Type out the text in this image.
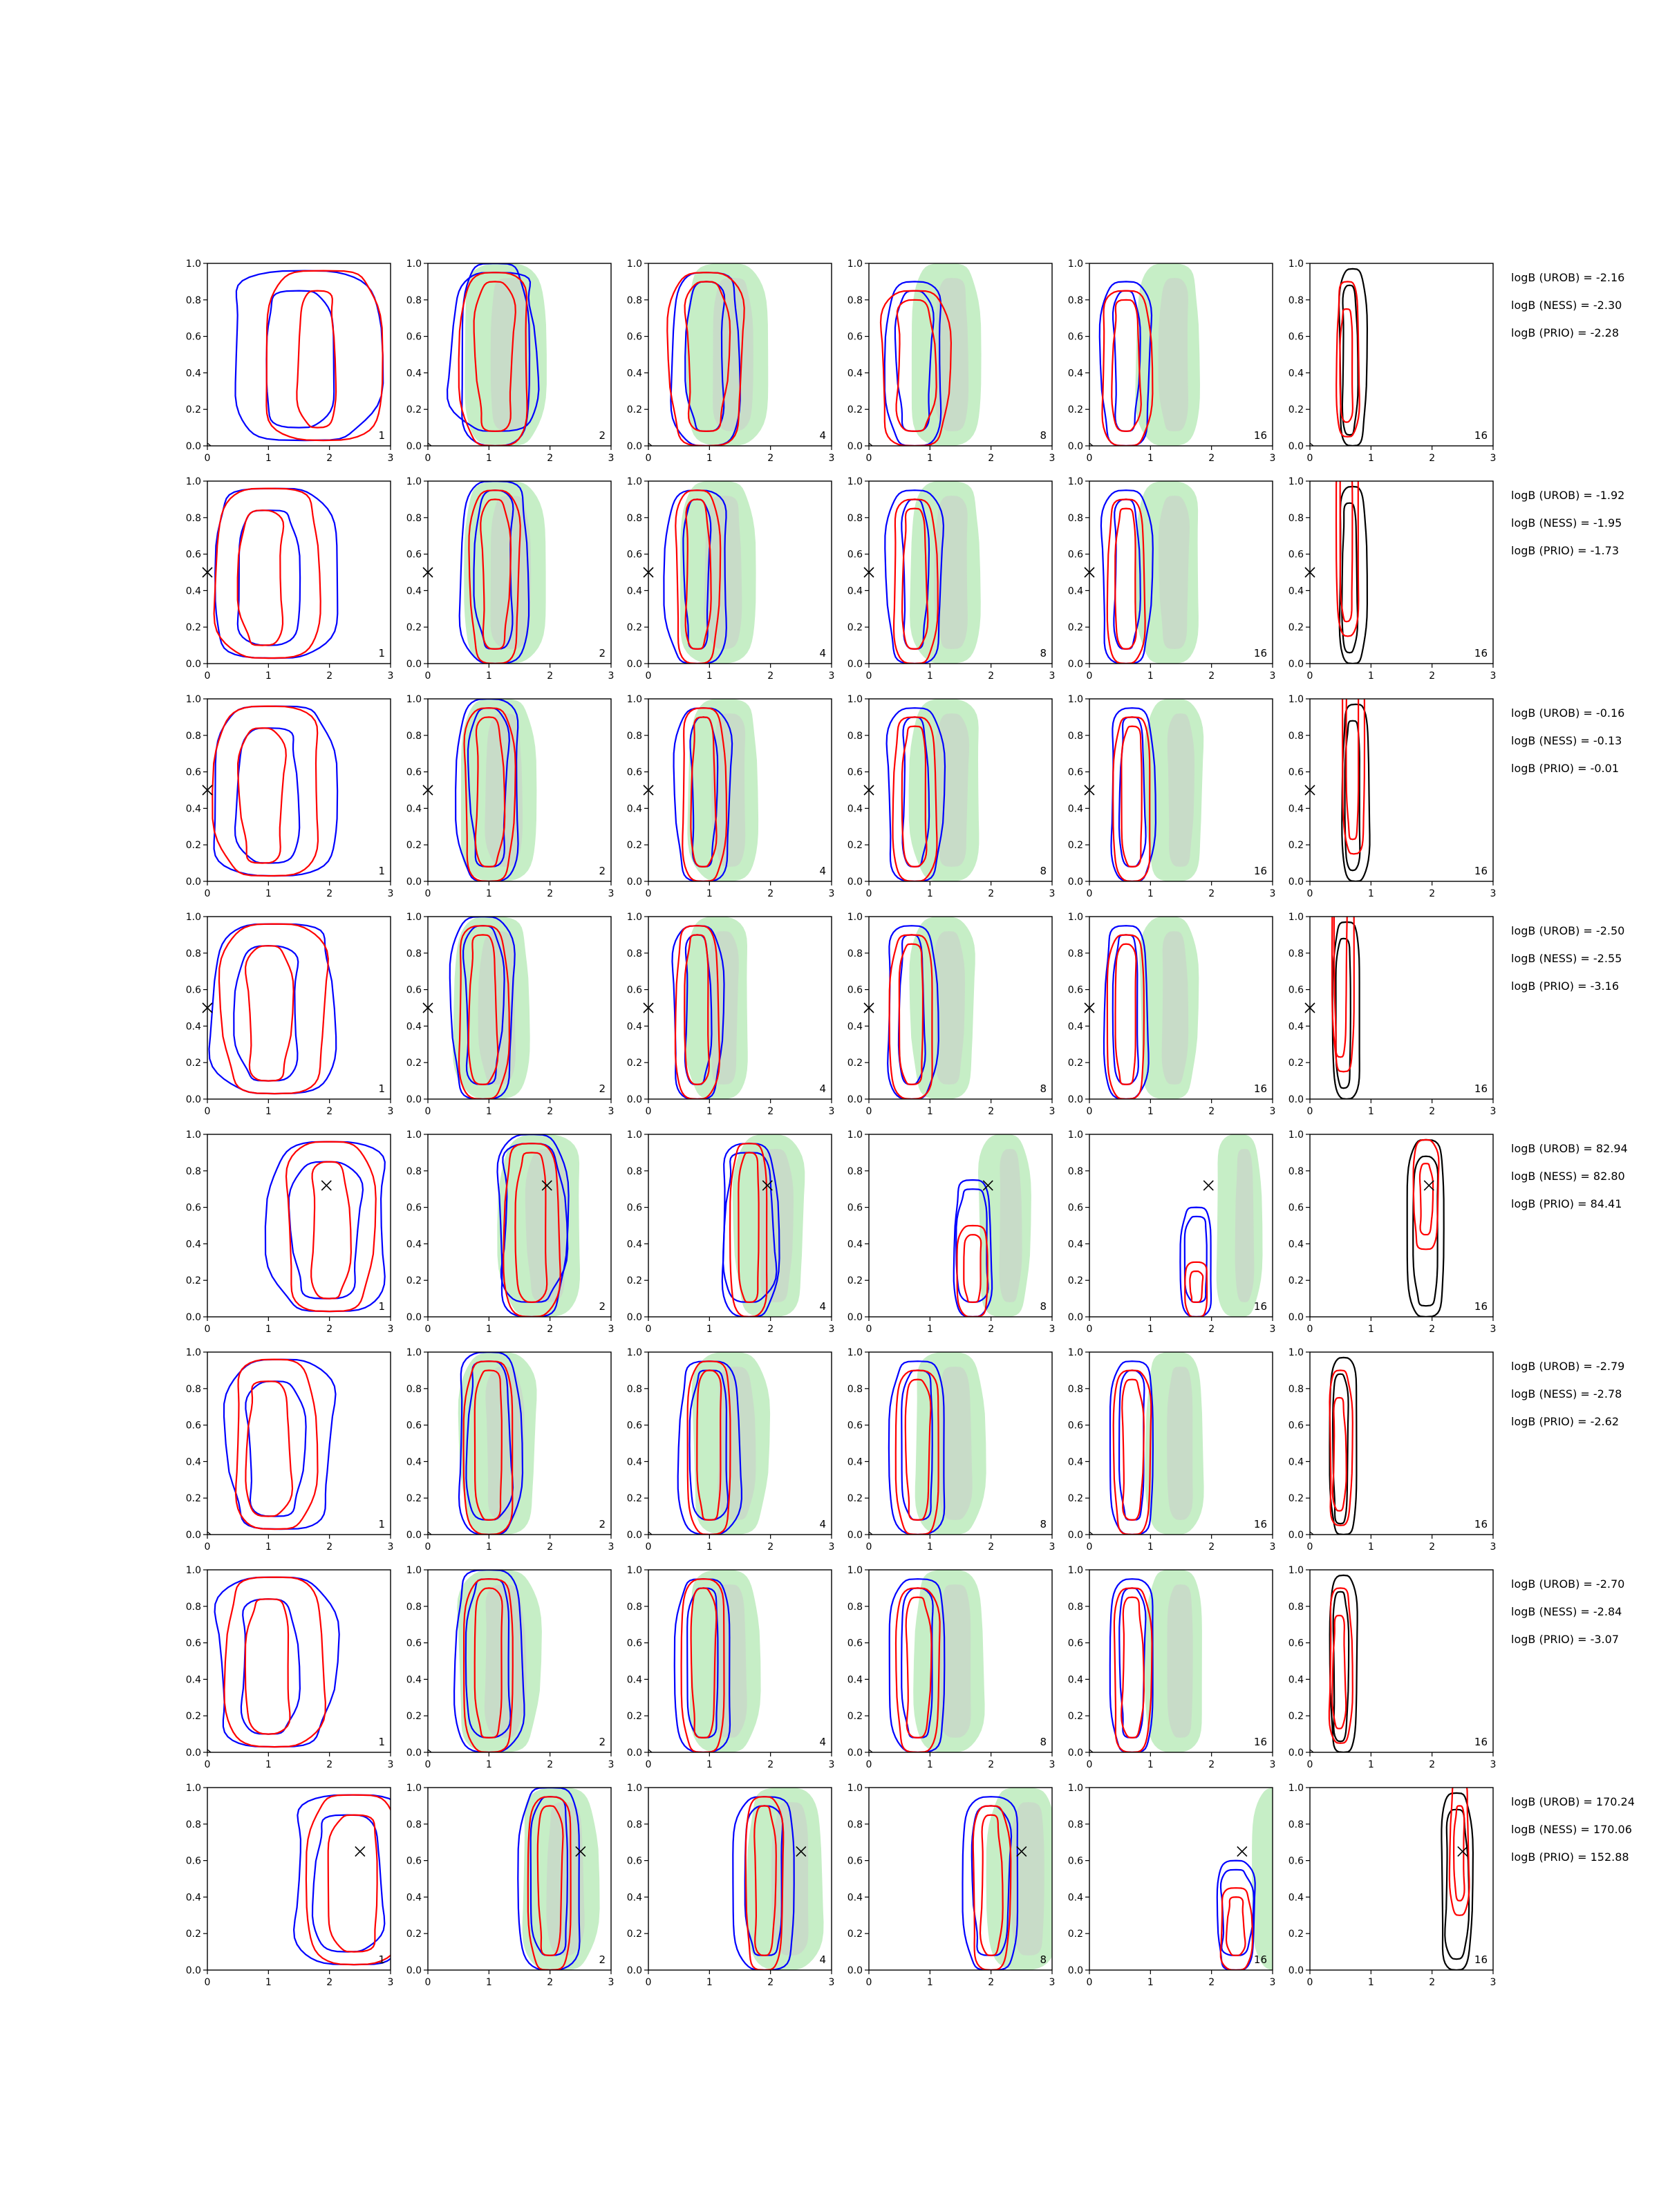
0	1	2	3
0.0
0.2
0.4
0.6
0.8
1.0
1
0	1	2	3
0.0
0.2
0.4
0.6
0.8
1.0
2
0	1	2	3
0.0
0.2
0.4
0.6
0.8
1.0
4
0	1	2	3
0.0
0.2
0.4
0.6
0.8
1.0
8
0	1	2	3
0.0
0.2
0.4
0.6
0.8
1.0
16
0	1	2	3
0.0
0.2
0.4
0.6
0.8
1.0
16
logB (UROB) = -2.16
logB (NESS) = -2.30
logB (PRIO) = -2.28
0	1	2	3
0.0
0.2
0.4
0.6
0.8
1.0
1
0	1	2	3
0.0
0.2
0.4
0.6
0.8
1.0
2
0	1	2	3
0.0
0.2
0.4
0.6
0.8
1.0
4
0	1	2	3
0.0
0.2
0.4
0.6
0.8
1.0
8
0	1	2	3
0.0
0.2
0.4
0.6
0.8
1.0
16
0	1	2	3
0.0
0.2
0.4
0.6
0.8
1.0
16
logB (UROB) = -1.92
logB (NESS) = -1.95
logB (PRIO) = -1.73
0	1	2	3
0.0
0.2
0.4
0.6
0.8
1.0
1
0	1	2	3
0.0
0.2
0.4
0.6
0.8
1.0
2
0	1	2	3
0.0
0.2
0.4
0.6
0.8
1.0
4
0	1	2	3
0.0
0.2
0.4
0.6
0.8
1.0
8
0	1	2	3
0.0
0.2
0.4
0.6
0.8
1.0
16
0	1	2	3
0.0
0.2
0.4
0.6
0.8
1.0
16
logB (UROB) = -0.16
logB (NESS) = -0.13
logB (PRIO) = -0.01
0	1	2	3
0.0
0.2
0.4
0.6
0.8
1.0
1
0	1	2	3
0.0
0.2
0.4
0.6
0.8
1.0
2
0	1	2	3
0.0
0.2
0.4
0.6
0.8
1.0
4
0	1	2	3
0.0
0.2
0.4
0.6
0.8
1.0
8
0	1	2	3
0.0
0.2
0.4
0.6
0.8
1.0
16
0	1	2	3
0.0
0.2
0.4
0.6
0.8
1.0
16
logB (UROB) = -2.50
logB (NESS) = -2.55
logB (PRIO) = -3.16
0	1	2	3
0.0
0.2
0.4
0.6
0.8
1.0
1
0	1	2	3
0.0
0.2
0.4
0.6
0.8
1.0
2
0	1	2	3
0.0
0.2
0.4
0.6
0.8
1.0
4
0	1	2	3
0.0
0.2
0.4
0.6
0.8
1.0
8
0	1	2	3
0.0
0.2
0.4
0.6
0.8
1.0
16
0	1	2	3
0.0
0.2
0.4
0.6
0.8
1.0
16
logB (UROB) = 82.94
logB (NESS) = 82.80
logB (PRIO) = 84.41
0	1	2	3
0.0
0.2
0.4
0.6
0.8
1.0
1
0	1	2	3
0.0
0.2
0.4
0.6
0.8
1.0
2
0	1	2	3
0.0
0.2
0.4
0.6
0.8
1.0
4
0	1	2	3
0.0
0.2
0.4
0.6
0.8
1.0
8
0	1	2	3
0.0
0.2
0.4
0.6
0.8
1.0
16
0	1	2	3
0.0
0.2
0.4
0.6
0.8
1.0
16
logB (UROB) = -2.79
logB (NESS) = -2.78
logB (PRIO) = -2.62
0	1	2	3
0.0
0.2
0.4
0.6
0.8
1.0
1
0	1	2	3
0.0
0.2
0.4
0.6
0.8
1.0
2
0	1	2	3
0.0
0.2
0.4
0.6
0.8
1.0
4
0	1	2	3
0.0
0.2
0.4
0.6
0.8
1.0
8
0	1	2	3
0.0
0.2
0.4
0.6
0.8
1.0
16
0	1	2	3
0.0
0.2
0.4
0.6
0.8
1.0
16
logB (UROB) = -2.70
logB (NESS) = -2.84
logB (PRIO) = -3.07
0	1	2	3
0.0
0.2
0.4
0.6
0.8
1.0
1
0	1	2	3
0.0
0.2
0.4
0.6
0.8
1.0
2
0	1	2	3
0.0
0.2
0.4
0.6
0.8
1.0
4
0	1	2	3
0.0
0.2
0.4
0.6
0.8
1.0
8
0	1	2	3
0.0
0.2
0.4
0.6
0.8
1.0
16
0	1	2	3
0.0
0.2
0.4
0.6
0.8
1.0
16
logB (UROB) = 170.24
logB (NESS) = 170.06
logB (PRIO) = 152.88
